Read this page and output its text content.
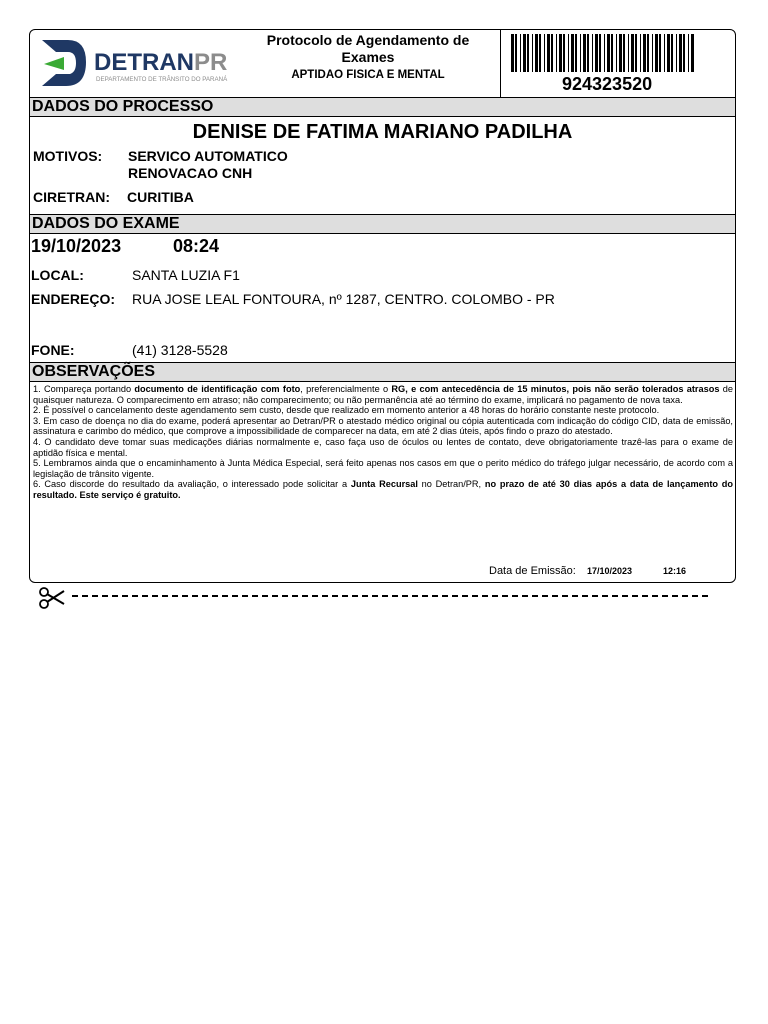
DETRANPR
DEPARTAMENTO DE TRÂNSITO DO PARANÁ
Protocolo de Agendamento de Exames
APTIDAO FISICA E MENTAL	924323520
DADOS DO PROCESSO
DENISE DE FATIMA MARIANO PADILHA
MOTIVOS: SERVICO AUTOMATICO
RENOVACAO CNH
CIRETRAN: CURITIBA
DADOS DO EXAME
19/10/2023	08:24
LOCAL:	SANTA LUZIA F1
ENDEREÇO: RUA JOSE LEAL FONTOURA, nº 1287, CENTRO. COLOMBO - PR
FONE:	(41) 3128-5528
OBSERVAÇÕES

1. Compareça portando documento de identificação com foto, preferencialmente o RG, e com antecedência de 15 minutos, pois não serão tolerados atrasos de quaisquer natureza. O comparecimento em atraso; não comparecimento; ou não permanência até ao término do exame, implicará no pagamento de nova taxa.

2. É possível o cancelamento deste agendamento sem custo, desde que realizado em momento anterior a 48 horas do horário constante neste protocolo.

3. Em caso de doença no dia do exame, poderá apresentar ao Detran/PR o atestado médico original ou cópia autenticada com indicação do código CID, data de emissão, assinatura e carimbo do médico, que comprove a impossibilidade de comparecer na data, em até 2 dias úteis, após findo o prazo do atestado.

4. O candidato deve tomar suas medicações diárias normalmente e, caso faça uso de óculos ou lentes de contato, deve obrigatoriamente trazê-las para o exame de aptidão física e mental.

5. Lembramos ainda que o encaminhamento à Junta Médica Especial, será feito apenas nos casos em que o perito médico do tráfego julgar necessário, de acordo com a legislação de trânsito vigente.

6. Caso discorde do resultado da avaliação, o interessado pode solicitar a Junta Recursal no Detran/PR, no prazo de até 30 dias após a data de lançamento do resultado. Este serviço é gratuito.

Data de Emissão: 17/10/2023	12:16
